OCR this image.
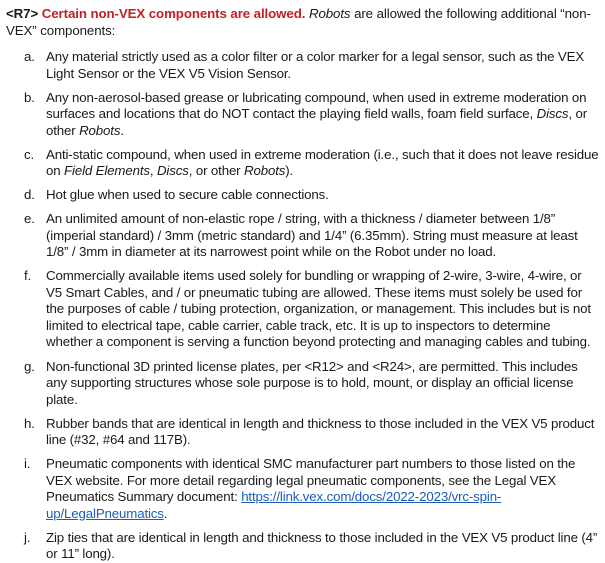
<R7> Certain non-VEX components are allowed. Robots are allowed the following additional “non-VEX” components:

a. Any material strictly used as a color filter or a color marker for a legal sensor, such as the VEX Light Sensor or the VEX V5 Vision Sensor.
b. Any non-aerosol-based grease or lubricating compound, when used in extreme moderation on surfaces and locations that do NOT contact the playing field walls, foam field surface, Discs, or other Robots.
c. Anti-static compound, when used in extreme moderation (i.e., such that it does not leave residue on Field Elements, Discs, or other Robots).
d. Hot glue when used to secure cable connections.
e. An unlimited amount of non-elastic rope / string, with a thickness / diameter between 1/8” (imperial standard) / 3mm (metric standard) and 1/4” (6.35mm). String must measure at least 1/8” / 3mm in diameter at its narrowest point while on the Robot under no load.
f.	Commercially available items used solely for bundling or wrapping of 2-wire, 3-wire, 4-wire, or V5 Smart Cables, and / or pneumatic tubing are allowed. These items must solely be used for the purposes of cable / tubing protection, organization, or management. This includes but is not limited to electrical tape, cable carrier, cable track, etc. It is up to inspectors to determine whether a component is serving a function beyond protecting and managing cables and tubing.
g. Non-functional 3D printed license plates, per <R12> and <R24>, are permitted. This includes any supporting structures whose sole purpose is to hold, mount, or display an official license plate.
h. Rubber bands that are identical in length and thickness to those included in the VEX V5 product line (#32, #64 and 117B).
i.	Pneumatic components with identical SMC manufacturer part numbers to those listed on the VEX website. For more detail regarding legal pneumatic components, see the Legal VEX Pneumatics Summary document: https://link.vex.com/docs/2022-2023/vrc-spin-up/LegalPneumatics.
j.	Zip ties that are identical in length and thickness to those included in the VEX V5 product line (4” or 11” long).
